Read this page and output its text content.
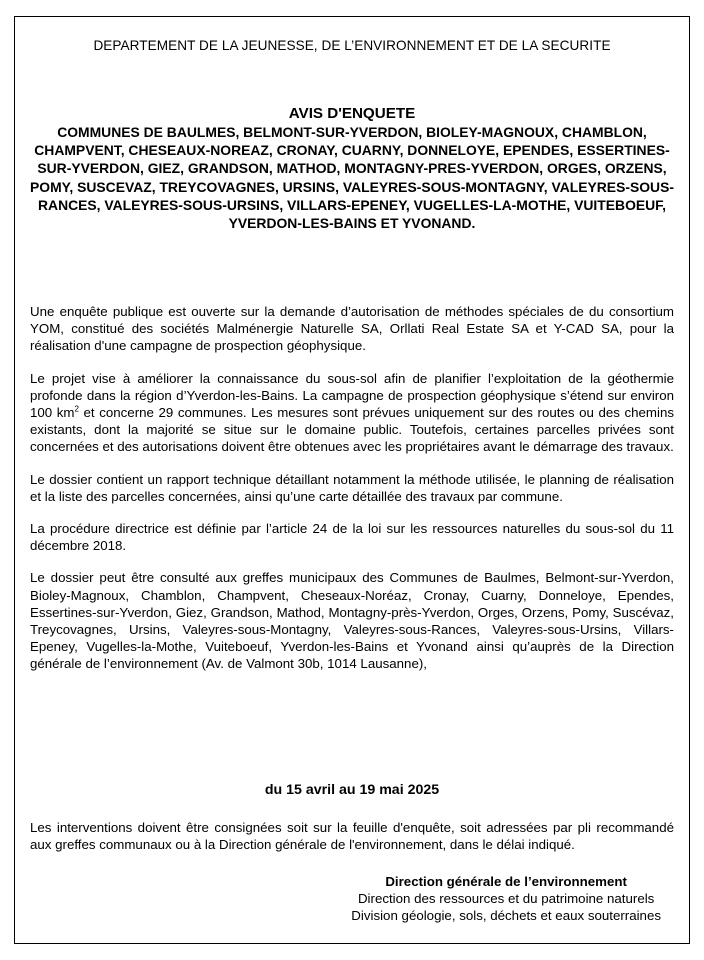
DEPARTEMENT DE LA JEUNESSE, DE L’ENVIRONNEMENT ET DE LA SECURITE
AVIS D'ENQUETE
COMMUNES DE BAULMES, BELMONT-SUR-YVERDON, BIOLEY-MAGNOUX, CHAMBLON, CHAMPVENT, CHESEAUX-NOREAZ, CRONAY, CUARNY, DONNELOYE, EPENDES, ESSERTINES-SUR-YVERDON, GIEZ, GRANDSON, MATHOD, MONTAGNY-PRES-YVERDON, ORGES, ORZENS, POMY, SUSCEVAZ, TREYCOVAGNES, URSINS, VALEYRES-SOUS-MONTAGNY, VALEYRES-SOUS-RANCES, VALEYRES-SOUS-URSINS, VILLARS-EPENEY, VUGELLES-LA-MOTHE, VUITEBOEUF, YVERDON-LES-BAINS ET YVONAND.

Une enquête publique est ouverte sur la demande d’autorisation de méthodes spéciales de du consortium YOM, constitué des sociétés Malménergie Naturelle SA, Orllati Real Estate SA et Y-CAD SA, pour la réalisation d'une campagne de prospection géophysique.

Le projet vise à améliorer la connaissance du sous-sol afin de planifier l’exploitation de la géothermie profonde dans la région d’Yverdon-les-Bains. La campagne de prospection géophysique s’étend sur environ 100 $km^2$ et concerne 29 communes. Les mesures sont prévues uniquement sur des routes ou des chemins existants, dont la majorité se situe sur le domaine public. Toutefois, certaines parcelles privées sont concernées et des autorisations doivent être obtenues avec les propriétaires avant le démarrage des travaux.

Le dossier contient un rapport technique détaillant notamment la méthode utilisée, le planning de réalisation et la liste des parcelles concernées, ainsi qu’une carte détaillée des travaux par commune.

La procédure directrice est définie par l’article 24 de la loi sur les ressources naturelles du sous-sol du 11 décembre 2018.

Le dossier peut être consulté aux greffes municipaux des Communes de Baulmes, Belmont-sur-Yverdon, Bioley-Magnoux, Chamblon, Champvent, Cheseaux-Noréaz, Cronay, Cuarny, Donneloye, Ependes, Essertines-sur-Yverdon, Giez, Grandson, Mathod, Montagny-près-Yverdon, Orges, Orzens, Pomy, Suscévaz, Treycovagnes, Ursins, Valeyres-sous-Montagny, Valeyres-sous-Rances, Valeyres-sous-Ursins, Villars-Epeney, Vugelles-la-Mothe, Vuiteboeuf, Yverdon-les-Bains et Yvonand ainsi qu’auprès de la Direction générale de l’environnement (Av. de Valmont 30b, 1014 Lausanne),

du 15 avril au 19 mai 2025

Les interventions doivent être consignées soit sur la feuille d'enquête, soit adressées par pli recommandé aux greffes communaux ou à la Direction générale de l'environnement, dans le délai indiqué.

Direction générale de l’environnement
Direction des ressources et du patrimoine naturels
Division géologie, sols, déchets et eaux souterraines
